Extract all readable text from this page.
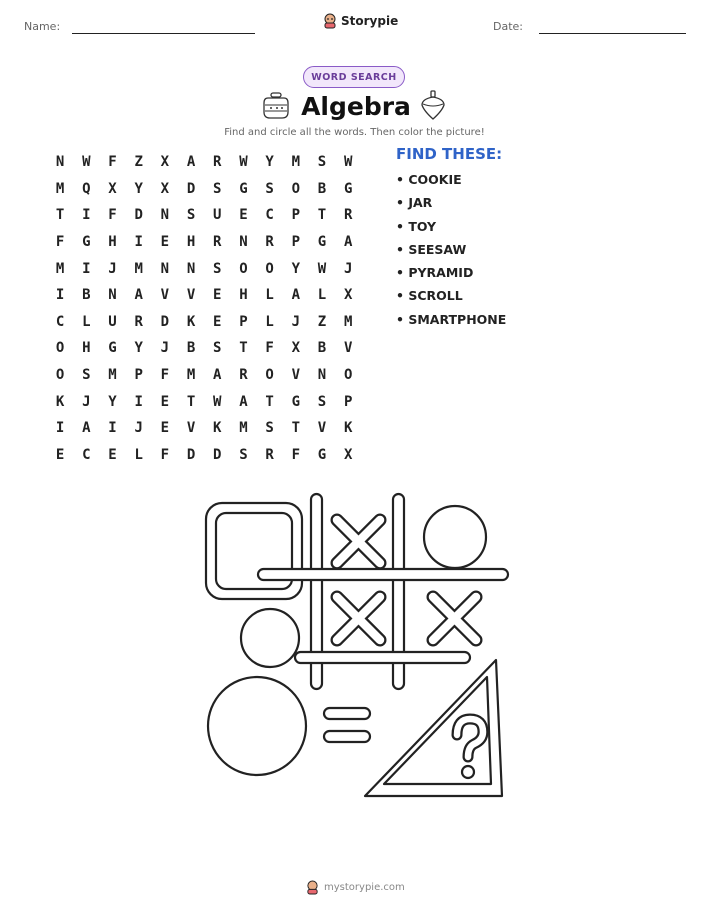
Name:	Storypie	Date:
WORD SEARCH
Algebra
Find and circle all the words. Then color the picture!
N	W	F	Z	X	A	R	W	Y	M	S	W
M	Q	X	Y	X	D	S	G	S	O	B	G
T	I	F	D	N	S	U	E	C	P	T	R
F	G	H	I	E	H	R	N	R	P	G	A
M	I	J	M	N	N	S	O	O	Y	W	J
I	B	N	A	V	V	E	H	L	A	L	X
C	L	U	R	D	K	E	P	L	J	Z	M
O	H	G	Y	J	B	S	T	F	X	B	V
O	S	M	P	F	M	A	R	O	V	N	O
K	J	Y	I	E	T	W	A	T	G	S	P
I	A	I	J	E	V	K	M	S	T	V	K
E	C	E	L	F	D	D	S	R	F	G	X
FIND THESE:
• COOKIE
• JAR
• TOY
• SEESAW
• PYRAMID
• SCROLL
• SMARTPHONE
mystorypie.com
